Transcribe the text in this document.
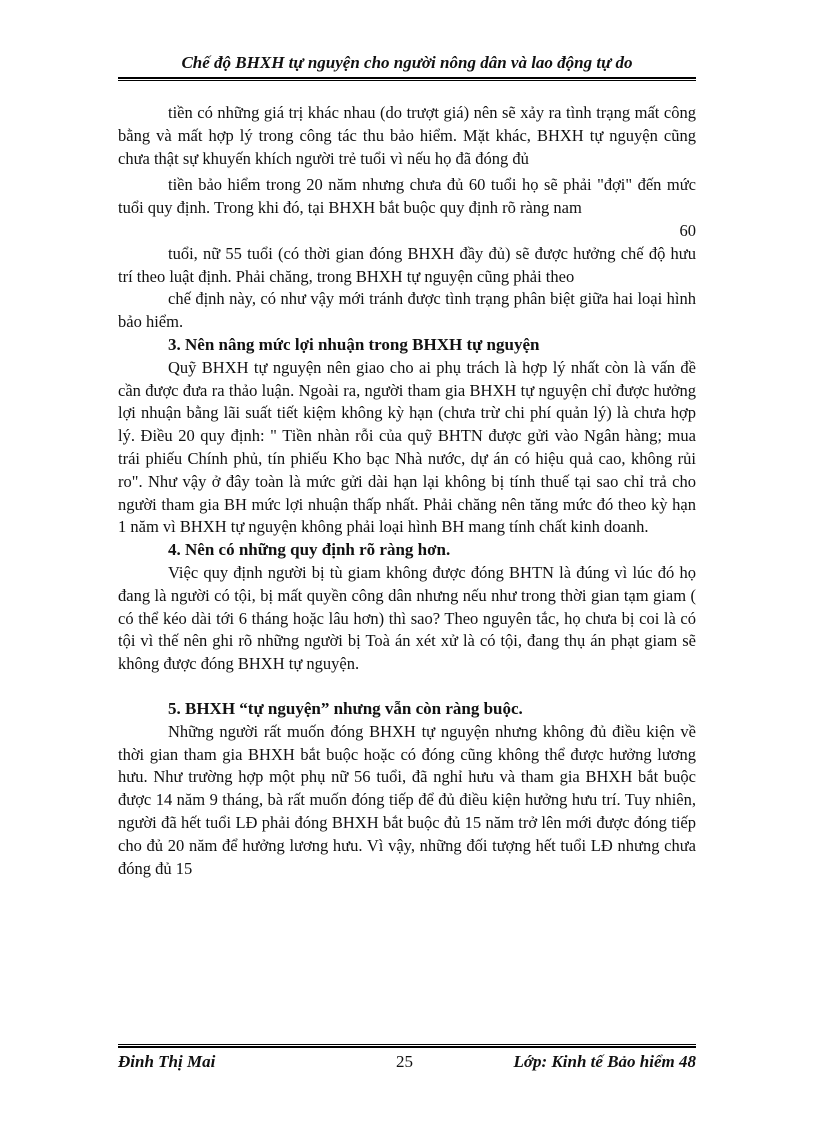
Chế độ BHXH tự nguyện cho người nông dân và lao động tự do

tiền có những giá trị khác nhau (do trượt giá) nên sẽ xảy ra tình trạng mất công bằng và mất hợp lý trong công tác thu bảo hiểm. Mặt khác, BHXH tự nguyện cũng chưa thật sự khuyến khích người trẻ tuổi vì nếu họ đã đóng đủ

tiền bảo hiểm trong 20 năm nhưng chưa đủ 60 tuổi họ sẽ phải "đợi" đến mức tuổi quy định. Trong khi đó, tại BHXH bắt buộc quy định rõ ràng nam

60

tuổi, nữ 55 tuổi (có thời gian đóng BHXH đầy đủ) sẽ được hưởng chế độ hưu trí theo luật định. Phải chăng, trong BHXH tự nguyện cũng phải theo

chế định này, có như vậy mới tránh được tình trạng phân biệt giữa hai loại hình bảo hiểm.

3. Nên nâng mức lợi nhuận trong BHXH tự nguyện

Quỹ BHXH tự nguyện nên giao cho ai phụ trách là hợp lý nhất còn là vấn đề cần được đưa ra thảo luận. Ngoài ra, người tham gia BHXH tự nguyện chỉ được hưởng lợi nhuận bằng lãi suất tiết kiệm không kỳ hạn (chưa trừ chi phí quản lý) là chưa hợp lý. Điều 20 quy định: " Tiền nhàn rỗi của quỹ BHTN được gửi vào Ngân hàng; mua trái phiếu Chính phủ, tín phiếu Kho bạc Nhà nước, dự án có hiệu quả cao, không rủi ro". Như vậy ở đây toàn là mức gửi dài hạn lại không bị tính thuế tại sao chỉ trả cho người tham gia BH mức lợi nhuận thấp nhất. Phải chăng nên tăng mức đó theo kỳ hạn 1 năm vì BHXH tự nguyện không phải loại hình BH mang tính chất kinh doanh.

4. Nên có những quy định rõ ràng hơn.

Việc quy định người bị tù giam không được đóng BHTN là đúng vì lúc đó họ đang là người có tội, bị mất quyền công dân nhưng nếu như trong thời gian tạm giam ( có thể kéo dài tới 6 tháng hoặc lâu hơn) thì sao? Theo nguyên tắc, họ chưa bị coi là có tội vì thế nên ghi rõ những người bị Toà án xét xử là có tội, đang thụ án phạt giam sẽ không được đóng BHXH tự nguyện.

5. BHXH “tự nguyện” nhưng vẫn còn ràng buộc.

Những người rất muốn đóng BHXH tự nguyện nhưng không đủ điều kiện về thời gian tham gia BHXH bắt buộc hoặc có đóng cũng không thể được hưởng lương hưu. Như trường hợp một phụ nữ 56 tuổi, đã nghỉ hưu và tham gia BHXH bắt buộc được 14 năm 9 tháng, bà rất muốn đóng tiếp để đủ điều kiện hưởng hưu trí. Tuy nhiên, người đã hết tuổi LĐ phải đóng BHXH bắt buộc đủ 15 năm trở lên mới được đóng tiếp cho đủ 20 năm để hưởng lương hưu. Vì vậy, những đối tượng hết tuổi LĐ nhưng chưa đóng đủ 15

Đinh Thị Mai	25	Lớp: Kinh tế Bảo hiểm 48
